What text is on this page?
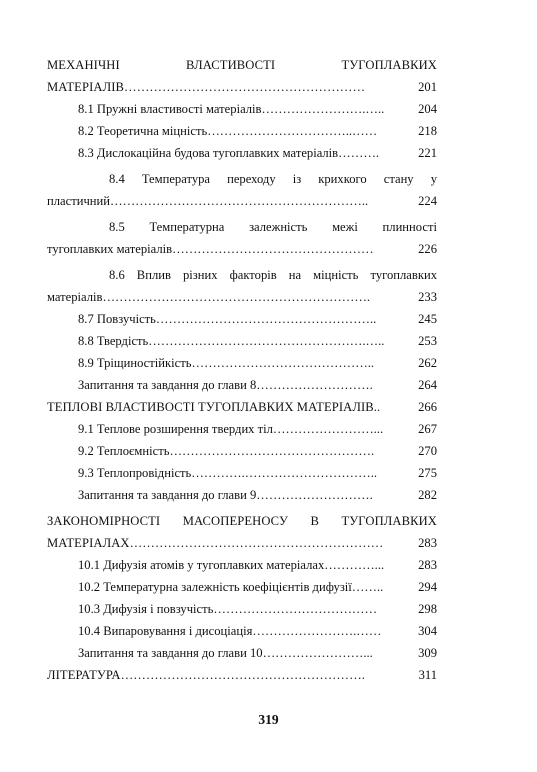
МЕХАНІЧНІ ВЛАСТИВОСТІ ТУГОПЛАВКИХ
МАТЕРІАЛІВ…………………………………………………	201
8.1 Пружні властивості матеріалів…………………….…..	204
8.2 Теоретична міцність……………………………..……	218
8.3 Дислокаційна будова тугоплавких матеріалів……….	221
8.4 Температура переходу із крихкого стану у
пластичний……………………………………………………..	224
8.5 Температурна залежність межі плинності
тугоплавких матеріалів…………………………………………	226
8.6 Вплив різних факторів на міцність тугоплавких
матеріалів……………………………………………………….	233
8.7 Повзучість……………………………………………..	245
8.8 Твердість…………………………………………….…..	253
8.9 Тріщиностійкість……………………………………..	262
Запитання та завдання до глави 8……………………….	264
ТЕПЛОВІ ВЛАСТИВОСТІ ТУГОПЛАВКИХ МАТЕРІАЛІВ..	266
9.1 Теплове розширення твердих тіл……………………...	267
9.2 Теплоємність………………………………………….	270
9.3 Теплопровідність………….…………………………..	275
Запитання та завдання до глави 9……………………….	282
ЗАКОНОМІРНОСТІ МАСОПЕРЕНОСУ В ТУГОПЛАВКИХ
МАТЕРІАЛАХ……………………………………………………	283
10.1 Дифузія атомів у тугоплавких матеріалах…………...	283
10.2 Температурна залежність коефіцієнтів дифузії……..	294
10.3 Дифузія і повзучість…………………………………	298
10.4 Випаровування і дисоціація…………………….……	304
Запитання та завдання до глави 10……………………...	309
ЛІТЕРАТУРА………………………………………………….	311
319
